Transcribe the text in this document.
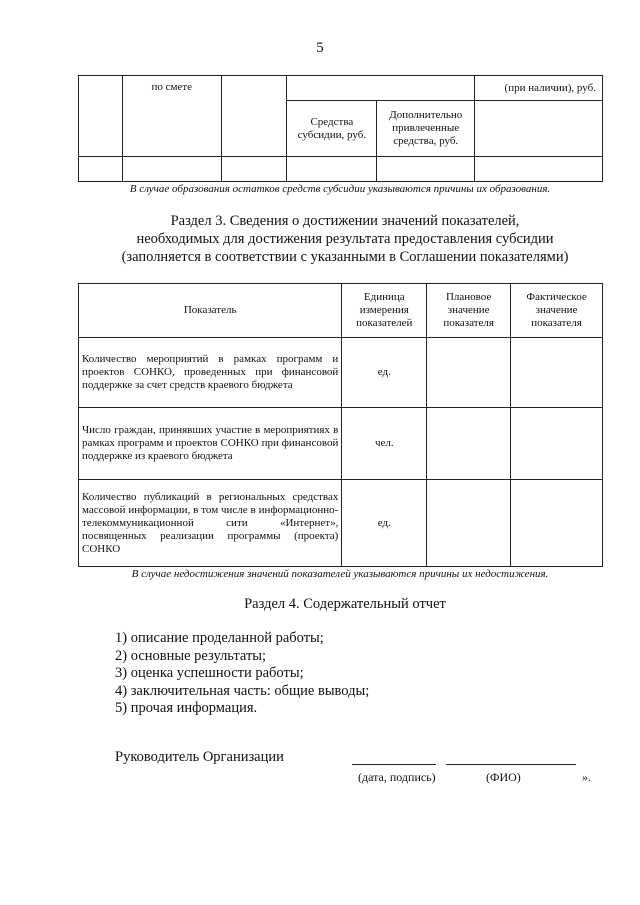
5
	по смете				(при наличии), руб.
			Средства субсидии, руб.	Дополнительно привлеченные средства, руб.	

В случае образования остатков средств субсидии указываются причины их образования.
Раздел 3. Сведения о достижении значений показателей,
необходимых для достижения результата предоставления субсидии
(заполняется в соответствии с указанными в Соглашении показателями)
Показатель	Единица измерения показателей	Плановое значение показателя	Фактическое значение показателя
Количество мероприятий в рамках программ и проектов СОНКО, проведенных при финансовой поддержке за счет средств краевого бюджета	ед.		
Число граждан, принявших участие в мероприятиях в рамках программ и проектов СОНКО при финансовой поддержке из краевого бюджета	чел.		
Количество публикаций в региональных средствах массовой информации, в том числе в информационно-телекоммуникационной сити «Интернет», посвященных реализации программы (проекта) СОНКО	ед.		
В случае недостижения значений показателей указываются причины их недостижения.
Раздел 4. Содержательный отчет
1) описание проделанной работы;
2) основные результаты;
3) оценка успешности работы;
4) заключительная часть: общие выводы;
5) прочая информация.
Руководитель Организации
(дата, подпись)	(ФИО)	».
